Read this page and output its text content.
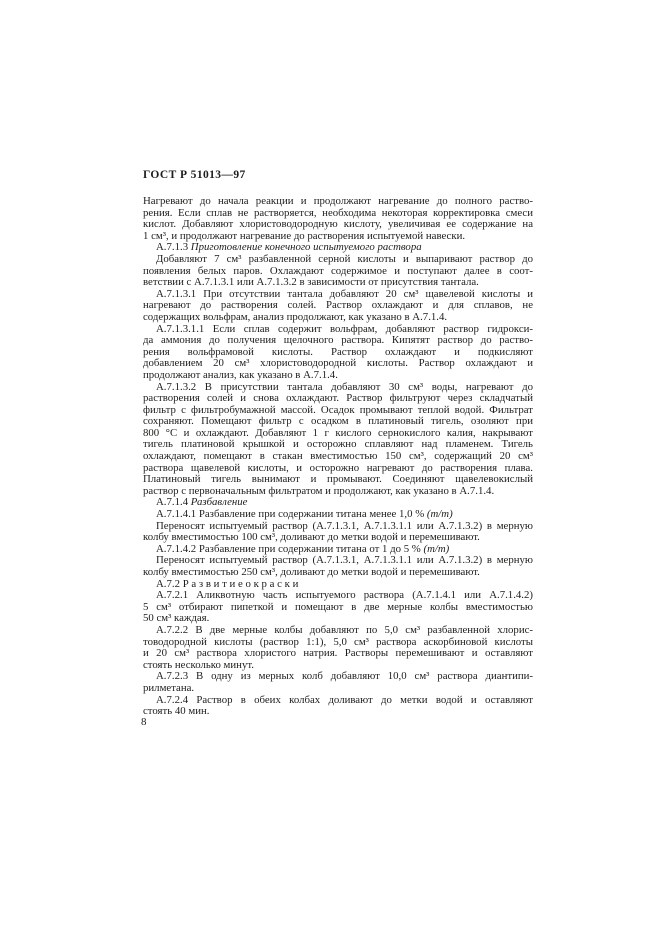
ГОСТ Р 51013—97
Нагревают до начала реакции и продолжают нагревание до полного раство-
рения. Если сплав не растворяется, необходима некоторая корректировка смеси
кислот. Добавляют хлористоводородную кислоту, увеличивая ее содержание на
1 см³, и продолжают нагревание до растворения испытуемой навески.
А.7.1.3 Приготовление конечного испытуемого раствора
Добавляют 7 см³ разбавленной серной кислоты и выпаривают раствор до
появления белых паров. Охлаждают содержимое и поступают далее в соот-
ветствии с А.7.1.3.1 или А.7.1.3.2 в зависимости от присутствия тантала.
А.7.1.3.1 При отсутствии тантала добавляют 20 см³ щавелевой кислоты и
нагревают до растворения солей. Раствор охлаждают и для сплавов, не
содержащих вольфрам, анализ продолжают, как указано в А.7.1.4.
А.7.1.3.1.1 Если сплав содержит вольфрам, добавляют раствор гидрокси-
да аммония до получения щелочного раствора. Кипятят раствор до раство-
рения вольфрамовой кислоты. Раствор охлаждают и подкисляют
добавлением 20 см³ хлористоводородной кислоты. Раствор охлаждают и
продолжают анализ, как указано в А.7.1.4.
А.7.1.3.2 В присутствии тантала добавляют 30 см³ воды, нагревают до
растворения солей и снова охлаждают. Раствор фильтруют через складчатый
фильтр с фильтробумажной массой. Осадок промывают теплой водой. Фильтрат
сохраняют. Помещают фильтр с осадком в платиновый тигель, озоляют при
800 °С и охлаждают. Добавляют 1 г кислого сернокислого калия, накрывают
тигель платиновой крышкой и осторожно сплавляют над пламенем. Тигель
охлаждают, помещают в стакан вместимостью 150 см³, содержащий 20 см³
раствора щавелевой кислоты, и осторожно нагревают до растворения плава.
Платиновый тигель вынимают и промывают. Соединяют щавелевокислый
раствор с первоначальным фильтратом и продолжают, как указано в А.7.1.4.
А.7.1.4 Разбавление
А.7.1.4.1 Разбавление при содержании титана менее 1,0 % (m/m)
Переносят испытуемый раствор (А.7.1.3.1, А.7.1.3.1.1 или А.7.1.3.2) в мерную
колбу вместимостью 100 см³, доливают до метки водой и перемешивают.
А.7.1.4.2 Разбавление при содержании титана от 1 до 5 % (m/m)
Переносят испытуемый раствор (А.7.1.3.1, А.7.1.3.1.1 или А.7.1.3.2) в мерную
колбу вместимостью 250 см³, доливают до метки водой и перемешивают.
А.7.2 Р а з в и т и е о к р а с к и
А.7.2.1 Аликвотную часть испытуемого раствора (А.7.1.4.1 или А.7.1.4.2)
5 см³ отбирают пипеткой и помещают в две мерные колбы вместимостью
50 см³ каждая.
А.7.2.2 В две мерные колбы добавляют по 5,0 см³ разбавленной хлорис-
товодородной кислоты (раствор 1:1), 5,0 см³ раствора аскорбиновой кислоты
и 20 см³ раствора хлористого натрия. Растворы перемешивают и оставляют
стоять несколько минут.
А.7.2.3 В одну из мерных колб добавляют 10,0 см³ раствора диантипи-
рилметана.
А.7.2.4 Раствор в обеих колбах доливают до метки водой и оставляют
стоять 40 мин.
8
